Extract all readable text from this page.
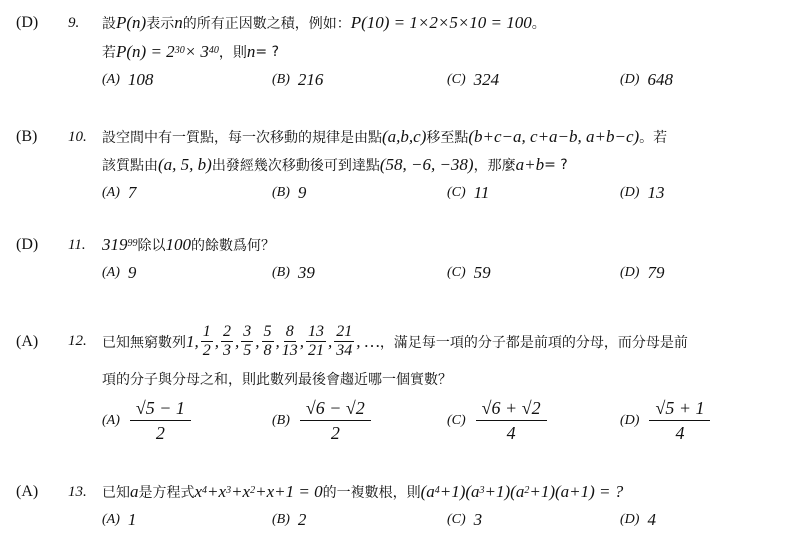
(D) 9. 設 P(n) 表示 n 的所有正因數之積，例如： P(10) = 1×2×5×10 = 100 。
若 $P(n) = 2^{30} \times 3^{40}$ ，則 n = ?
(A) 108	(B) 216	(C) 324	(D) 648
(B) 10. 設空間中有一質點，每一次移動的規律是由點 (a,b,c) 移至點 (b+c−a, c+a−b, a+b−c) 。若
該質點由 (a, 5, b) 出發經幾次移動後可到達點 (58, −6, −38) ，那麼 a+b = ?
(A) 7	(B) 9	(C) 11	(D) 13
(D) 11. $319^{99}$ 除以 100 的餘數爲何？
(A) 9	(B) 39	(C) 59	(D) 79
(A) 12. 已知無窮數列 1, $\frac{1}{2}$ , $\frac{2}{3}$ , $\frac{3}{5}$ , $\frac{5}{8}$ , $\frac{8}{13}$ , $\frac{13}{21}$ , $\frac{21}{34}$ , … ，滿足每一項的分子都是前項的分母，而分母是前
項的分子與分母之和，則此數列最後會趨近哪一個實數？
$(A) \frac{√5 - 1}{2}$	$(B) \frac{√6 - √2}{2}$	$(C) \frac{√6 + √2}{4}$	$(D) \frac{√5 + 1}{4}$
(A) 13. 已知 a 是方程式 $x^4 +x^3 +x^2 +x+1 = 0$ 的一複數根，則 $(a^4 +1)(a^3 +1)(a^2 +1)(a+1)$ = ?
(A) 1	(B) 2	(C) 3	(D) 4
